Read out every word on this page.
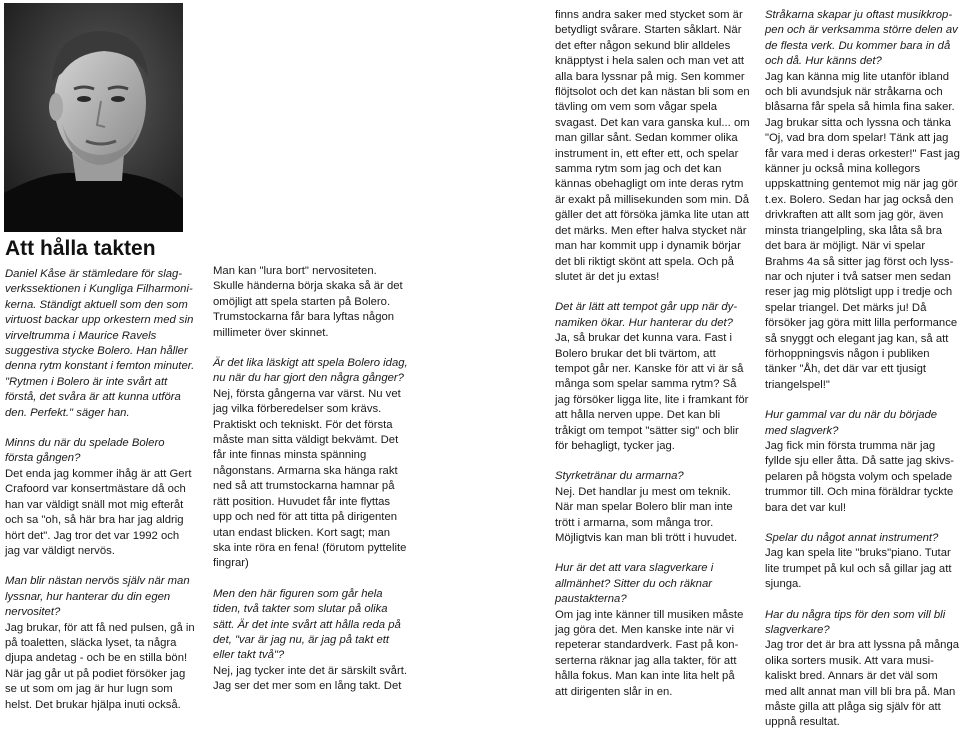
Att hålla takten

Daniel Kåse är stämledare för slag-verkssektionen i Kungliga Filharmoni-kerna. Ständigt aktuell som den som virtuost backar upp orkestern med sin virveltrumma i Maurice Ravels suggestiva stycke Bolero. Han håller denna rytm konstant i femton minuter. "Rytmen i Bolero är inte svårt att förstå, det svåra är att kunna utföra den. Perfekt." säger han.

Minns du när du spelade Bolero första gången?

Det enda jag kommer ihåg är att Gert Crafoord var konsertmästare då och han var väldigt snäll mot mig efteråt och sa "oh, så här bra har jag aldrig hört det". Jag tror det var 1992 och jag var väldigt nervös.

Man blir nästan nervös själv när man lyssnar, hur hanterar du din egen nervositet?

Jag brukar, för att få ned pulsen, gå in på toaletten, släcka lyset, ta några djupa andetag - och be en stilla bön! När jag går ut på podiet försöker jag se ut som om jag är hur lugn som helst. Det brukar hjälpa inuti också.

Man kan "lura bort" nervositeten. Skulle händerna börja skaka så är det omöjligt att spela starten på Bolero. Trumstockarna får bara lyftas någon millimeter över skinnet.

Är det lika läskigt att spela Bolero idag, nu när du har gjort den några gånger?

Nej, första gångerna var värst. Nu vet jag vilka förberedelser som krävs. Praktiskt och tekniskt. För det första måste man sitta väldigt bekvämt. Det får inte finnas minsta spänning någonstans. Armarna ska hänga rakt ned så att trumstockarna hamnar på rätt position. Huvudet får inte flyttas upp och ned för att titta på dirigenten utan endast blicken. Kort sagt; man ska inte röra en fena! (förutom pyttelite fingrar)

Men den här figuren som går hela tiden, två takter som slutar på olika sätt. Är det inte svårt att hålla reda på det, "var är jag nu, är jag på takt ett eller takt två"?

Nej, jag tycker inte det är särskilt svårt. Jag ser det mer som en lång takt. Det

finns andra saker med stycket som är betydligt svårare. Starten såklart. När det efter någon sekund blir alldeles knäpptyst i hela salen och man vet att alla bara lyssnar på mig. Sen kommer flöjtsolot och det kan nästan bli som en tävling om vem som vågar spela svagast. Det kan vara ganska kul... om man gillar sånt. Sedan kommer olika instrument in, ett efter ett, och spelar samma rytm som jag och det kan kännas obehagligt om inte deras rytm är exakt på millisekunden som min. Då gäller det att försöka jämka lite utan att det märks. Men efter halva stycket när man har kommit upp i dynamik börjar det bli riktigt skönt att spela. Och på slutet är det ju extas!

Det är lätt att tempot går upp när dy-namiken ökar. Hur hanterar du det?

Ja, så brukar det kunna vara. Fast i Bolero brukar det bli tvärtom, att tempot går ner. Kanske för att vi är så många som spelar samma rytm? Så jag försöker ligga lite, lite i framkant för att hålla nerven uppe. Det kan bli tråkigt om tempot "sätter sig" och blir för behagligt, tycker jag.

Styrketränar du armarna?

Nej. Det handlar ju mest om teknik. När man spelar Bolero blir man inte trött i armarna, som många tror. Möjligtvis kan man bli trött i huvudet.

Hur är det att vara slagverkare i allmänhet? Sitter du och räknar paustakterna?

Om jag inte känner till musiken måste jag göra det. Men kanske inte när vi repeterar standardverk. Fast på kon-serterna räknar jag alla takter, för att hålla fokus. Man kan inte lita helt på att dirigenten slår in en.

Stråkarna skapar ju oftast musikkrop-pen och är verksamma större delen av de flesta verk. Du kommer bara in då och då. Hur känns det?

Jag kan känna mig lite utanför ibland och bli avundsjuk när stråkarna och blåsarna får spela så himla fina saker. Jag brukar sitta och lyssna och tänka "Oj, vad bra dom spelar! Tänk att jag får vara med i deras orkester!" Fast jag känner ju också mina kollegors uppskattning gentemot mig när jag gör t.ex. Bolero. Sedan har jag också den drivkraften att allt som jag gör, även minsta triangelpling, ska låta så bra det bara är möjligt. När vi spelar Brahms 4a så sitter jag först och lyss-nar och njuter i två satser men sedan reser jag mig plötsligt upp i tredje och spelar triangel. Det märks ju! Då försöker jag göra mitt lilla performance så snyggt och elegant jag kan, så att förhoppningsvis någon i publiken tänker "Åh, det där var ett tjusigt triangelspel!"

Hur gammal var du när du började med slagverk?

Jag fick min första trumma när jag fyllde sju eller åtta. Då satte jag skivs-pelaren på högsta volym och spelade trummor till. Och mina föräldrar tyckte bara det var kul!

Spelar du något annat instrument?

Jag kan spela lite "bruks"piano. Tutar lite trumpet på kul och så gillar jag att sjunga.

Har du några tips för den som vill bli slagverkare?

Jag tror det är bra att lyssna på många olika sorters musik. Att vara musi-kaliskt bred. Annars är det väl som med allt annat man vill bli bra på. Man måste gilla att plåga sig själv för att uppnå resultat.
